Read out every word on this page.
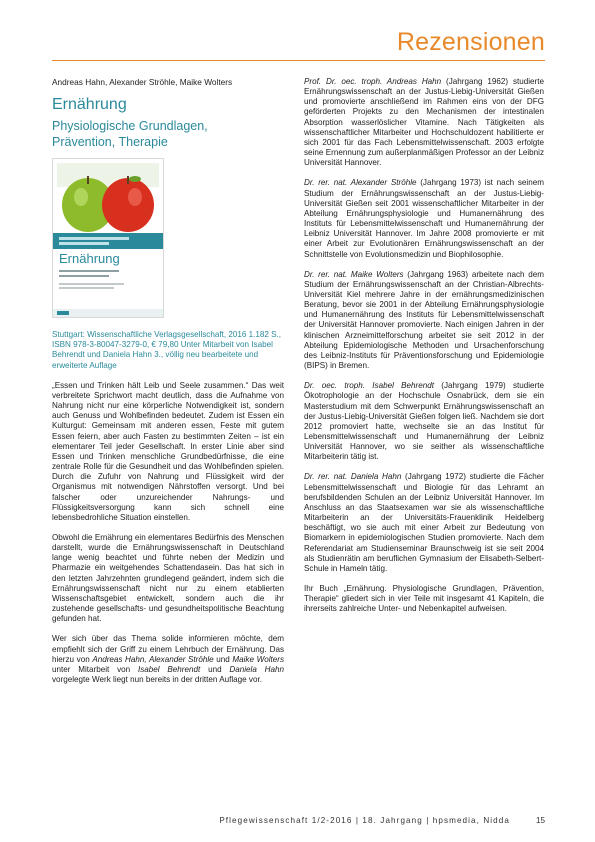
Rezensionen
Andreas Hahn, Alexander Ströhle, Maike Wolters
Ernährung
Physiologische Grundlagen,
Prävention, Therapie
Ernährung
Stuttgart: Wissenschaftliche Verlagsgesellschaft, 2016 1.182 S., ISBN 978-3-80047-3279-0, € 79,80 Unter Mitarbeit von Isabel Behrendt und Daniela Hahn 3., völlig neu bearbeitete und erweiterte Auflage

„Essen und Trinken hält Leib und Seele zusammen.“ Das weit verbreitete Sprichwort macht deutlich, dass die Aufnahme von Nahrung nicht nur eine körperliche Notwendigkeit ist, sondern auch Genuss und Wohlbefinden bedeutet. Zudem ist Essen ein Kulturgut: Gemeinsam mit anderen essen, Feste mit gutem Essen feiern, aber auch Fasten zu bestimmten Zeiten – ist ein elementarer Teil jeder Gesellschaft. In erster Linie aber sind Essen und Trinken menschliche Grundbedürfnisse, die eine zentrale Rolle für die Gesundheit und das Wohlbefinden spielen. Durch die Zufuhr von Nahrung und Flüssigkeit wird der Organismus mit notwendigen Nährstoffen versorgt. Und bei falscher oder unzureichender Nahrungs- und Flüssigkeitsversorgung kann sich schnell eine lebensbedrohliche Situation einstellen.

Obwohl die Ernährung ein elementares Bedürfnis des Menschen darstellt, wurde die Ernährungswissenschaft in Deutschland lange wenig beachtet und führte neben der Medizin und Pharmazie ein weitgehendes Schattendasein. Das hat sich in den letzten Jahrzehnten grundlegend geändert, indem sich die Ernährungswissenschaft nicht nur zu einem etablierten Wissenschaftsgebiet entwickelt, sondern auch die ihr zustehende gesellschafts- und gesundheitspolitische Beachtung gefunden hat.

Wer sich über das Thema solide informieren möchte, dem empfiehlt sich der Griff zu einem Lehrbuch der Ernährung. Das hierzu von Andreas Hahn, Alexander Ströhle und Maike Wolters unter Mitarbeit von Isabel Behrendt und Daniela Hahn vorgelegte Werk liegt nun bereits in der dritten Auflage vor.

Prof. Dr. oec. troph. Andreas Hahn (Jahrgang 1962) studierte Ernährungswissenschaft an der Justus-Liebig-Universität Gießen und promovierte anschließend im Rahmen eins von der DFG geförderten Projekts zu den Mechanismen der intestinalen Absorption wasserlöslicher Vitamine. Nach Tätigkeiten als wissenschaftlicher Mitarbeiter und Hochschuldozent habilitierte er sich 2001 für das Fach Lebensmittelwissenschaft. 2003 erfolgte seine Ernennung zum außerplanmäßigen Professor an der Leibniz Universität Hannover.

Dr. rer. nat. Alexander Ströhle (Jahrgang 1973) ist nach seinem Studium der Ernährungswissenschaft an der Justus-Liebig-Universität Gießen seit 2001 wissenschaftlicher Mitarbeiter in der Abteilung Ernährungsphysiologie und Humanernährung des Instituts für Lebensmittelwissenschaft und Humanernährung der Leibniz Universität Hannover. Im Jahre 2008 promovierte er mit einer Arbeit zur Evolutionären Ernährungswissenschaft an der Schnittstelle von Evolutionsmedizin und Biophilosophie.

Dr. rer. nat. Maike Wolters (Jahrgang 1963) arbeitete nach dem Studium der Ernährungswissenschaft an der Christian-Albrechts-Universität Kiel mehrere Jahre in der ernährungsmedizinischen Beratung, bevor sie 2001 in der Abteilung Ernährungsphysiologie und Humanernährung des Instituts für Lebensmittelwissenschaft der Universität Hannover promovierte. Nach einigen Jahren in der klinischen Arzneimittelforschung arbeitet sie seit 2012 in der Abteilung Epidemiologische Methoden und Ursachenforschung des Leibniz-Instituts für Präventionsforschung und Epidemiologie (BIPS) in Bremen.

Dr. oec. troph. Isabel Behrendt (Jahrgang 1979) studierte Ökotrophologie an der Hochschule Osnabrück, dem sie ein Masterstudium mit dem Schwerpunkt Ernährungswissenschaft an der Justus-Liebig-Universität Gießen folgen ließ. Nachdem sie dort 2012 promoviert hatte, wechselte sie an das Institut für Lebensmittelwissenschaft und Humanernährung der Leibniz Universität Hannover, wo sie seither als wissenschaftliche Mitarbeiterin tätig ist.

Dr. rer. nat. Daniela Hahn (Jahrgang 1972) studierte die Fächer Lebensmittelwissenschaft und Biologie für das Lehramt an berufsbildenden Schulen an der Leibniz Universität Hannover. Im Anschluss an das Staatsexamen war sie als wissenschaftliche Mitarbeiterin an der Universitäts-Frauenklinik Heidelberg beschäftigt, wo sie auch mit einer Arbeit zur Bedeutung von Biomarkern in epidemiologischen Studien promovierte. Nach dem Referendariat am Studienseminar Braunschweig ist sie seit 2004 als Studienrätin am beruflichen Gymnasium der Elisabeth-Selbert-Schule in Hameln tätig.

Ihr Buch „Ernährung. Physiologische Grundlagen, Prävention, Therapie“ gliedert sich in vier Teile mit insgesamt 41 Kapiteln, die ihrerseits zahlreiche Unter- und Nebenkapitel aufweisen.

Pflegewissenschaft 1/2-2016 | 18. Jahrgang | hpsmedia, Nidda	15
